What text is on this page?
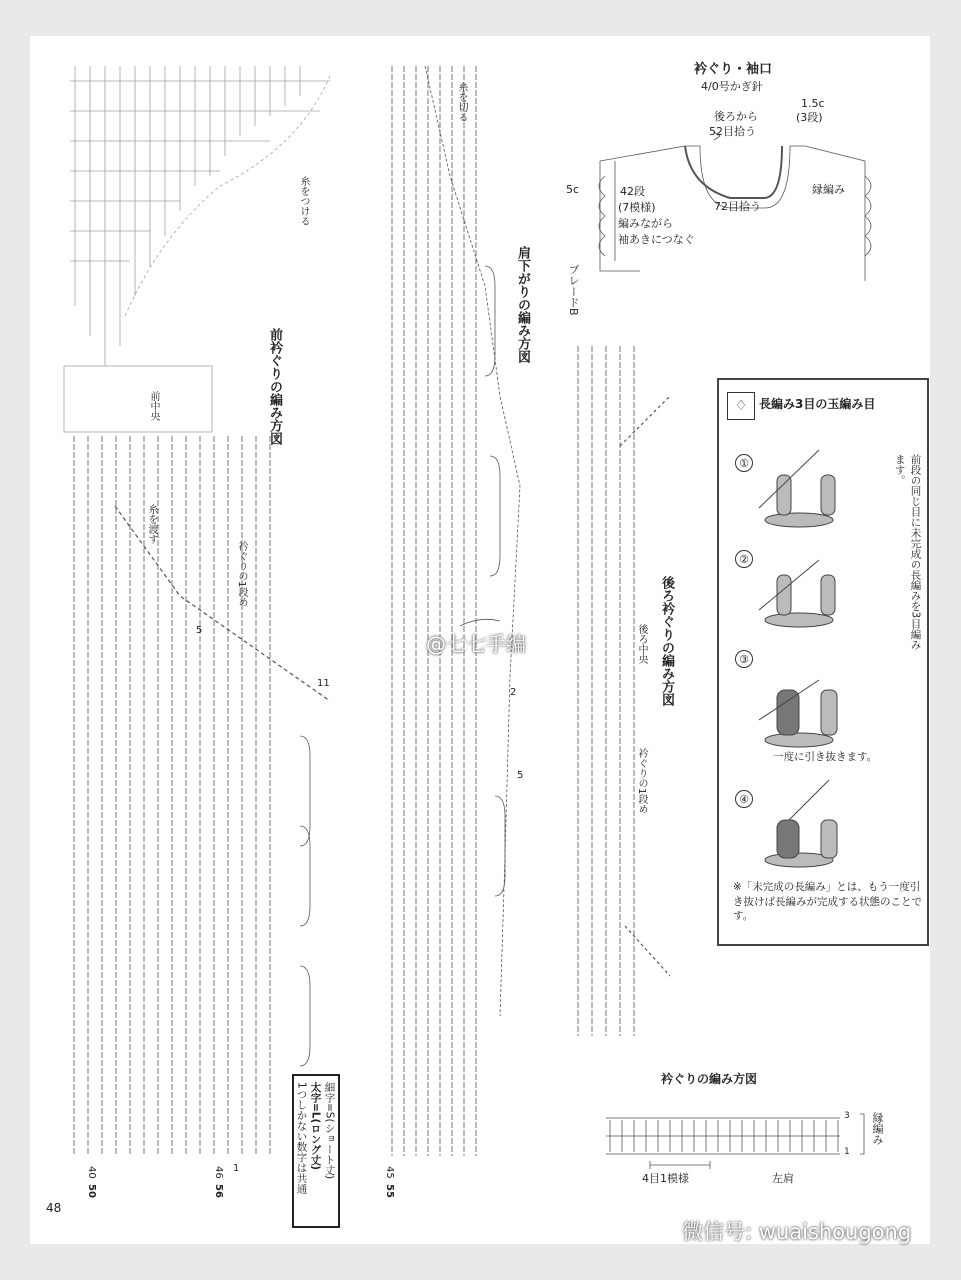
衿ぐり・袖口
4/0号かぎ針
後ろから
52目拾う
1.5c
(3段)
5c	42段
(7模様)
編みながら
袖あきにつなぐ
72目拾う
縁編み
ブレードB
♢ 長編み3目の玉編み目
前段の同じ目に未完成の長編みを3目編みます。
①
②
③
④
一度に引き抜きます。
※「未完成の長編み」とは、もう一度引き抜けば長編みが完成する状態のことです。
前衿ぐりの編み方図
肩下がりの編み方図
後ろ衿ぐりの編み方図
衿ぐりの編み方図
糸を切る
糸を渡す
前中央
衿ぐりの1段め
後ろ中央
衿ぐりの1段め
糸をつける
5
11
2
5
4目1模様	左肩
縁編み
3
1
40
50
46
56
45
55
1	細字=S(ショート丈)
太字=L(ロング丈)
1つしかない数字は共通
48
@七七手编
微信号: wuaishougong
